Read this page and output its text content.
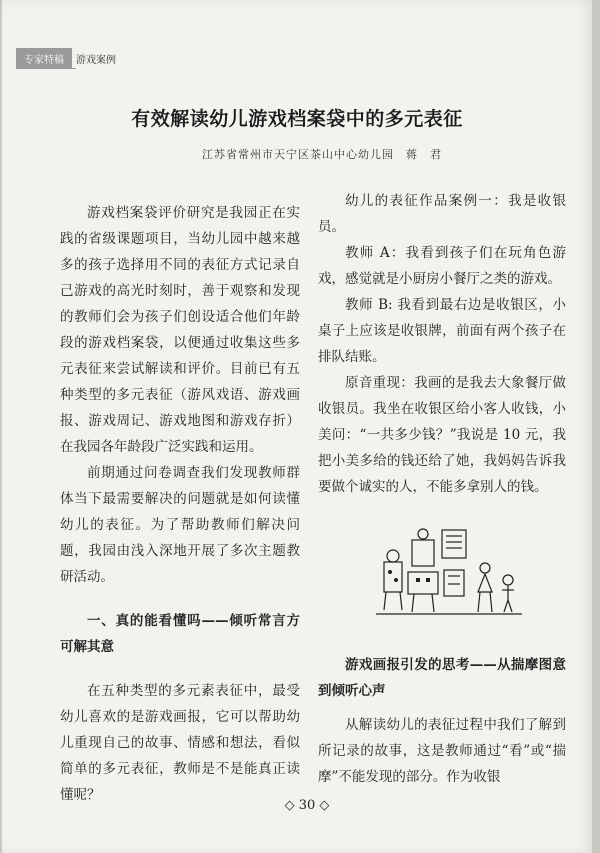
专家特稿	游戏案例
有效解读幼儿游戏档案袋中的多元表征
江苏省常州市天宁区茶山中心幼儿园　蒋　君

游戏档案袋评价研究是我园正在实践的省级课题项目，当幼儿园中越来越多的孩子选择用不同的表征方式记录自己游戏的高光时刻时，善于观察和发现的教师们会为孩子们创设适合他们年龄段的游戏档案袋，以便通过收集这些多元表征来尝试解读和评价。目前已有五种类型的多元表征（游风戏语、游戏画报、游戏周记、游戏地图和游戏存折）在我园各年龄段广泛实践和运用。

前期通过问卷调查我们发现教师群体当下最需要解决的问题就是如何读懂幼儿的表征。为了帮助教师们解决问题，我园由浅入深地开展了多次主题教研活动。

一、真的能看懂吗——倾听常言方可解其意

在五种类型的多元素表征中，最受幼儿喜欢的是游戏画报，它可以帮助幼儿重现自己的故事、情感和想法，看似简单的多元表征，教师是不是能真正读懂呢？

幼儿的表征作品案例一：我是收银员。

教师 A：我看到孩子们在玩角色游戏，感觉就是小厨房小餐厅之类的游戏。

教师 B: 我看到最右边是收银区，小桌子上应该是收银牌，前面有两个孩子在排队结账。

原音重现：我画的是我去大象餐厅做收银员。我坐在收银区给小客人收钱，小美问：“一共多少钱？”我说是 10 元，我把小美多给的钱还给了她，我妈妈告诉我要做个诚实的人，不能多拿别人的钱。

游戏画报引发的思考——从揣摩图意到倾听心声

从解读幼儿的表征过程中我们了解到所记录的故事，这是教师通过“看”或“揣摩”不能发现的部分。作为收银

◇ 30 ◇
